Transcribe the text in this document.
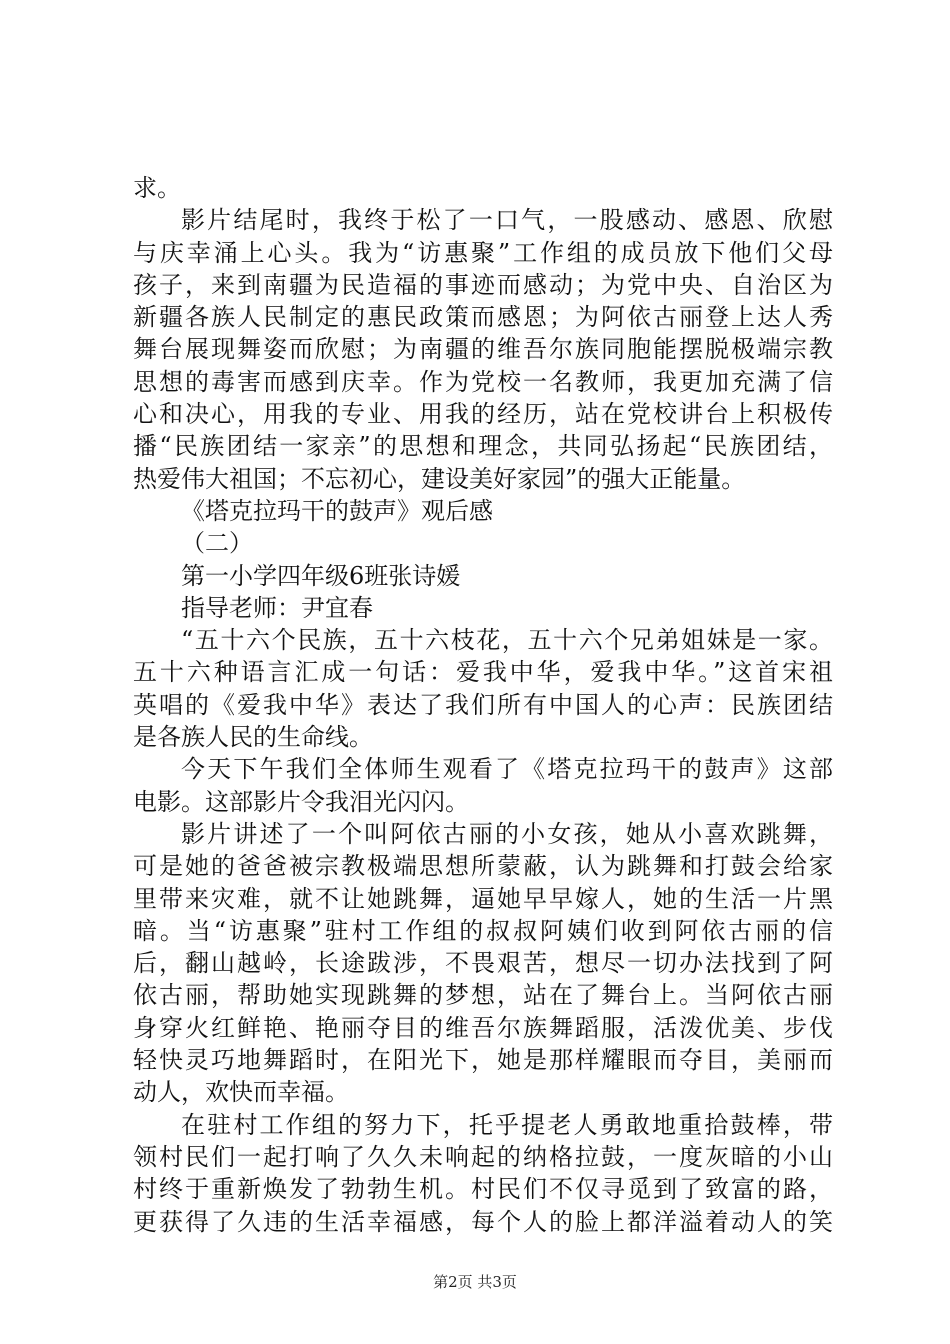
求。
影片结尾时，我终于松了一口气，一股感动、感恩、欣慰
与庆幸涌上心头。我为“访惠聚”工作组的成员放下他们父母
孩子，来到南疆为民造福的事迹而感动；为党中央、自治区为
新疆各族人民制定的惠民政策而感恩；为阿依古丽登上达人秀
舞台展现舞姿而欣慰；为南疆的维吾尔族同胞能摆脱极端宗教
思想的毒害而感到庆幸。作为党校一名教师，我更加充满了信
心和决心，用我的专业、用我的经历，站在党校讲台上积极传
播“民族团结一家亲”的思想和理念，共同弘扬起“民族团结，
热爱伟大祖国；不忘初心，建设美好家园”的强大正能量。
《塔克拉玛干的鼓声》观后感
（二）
第一小学四年级6班张诗媛
指导老师：尹宜春
“五十六个民族，五十六枝花，五十六个兄弟姐妹是一家。
五十六种语言汇成一句话：爱我中华，爱我中华。”这首宋祖
英唱的《爱我中华》表达了我们所有中国人的心声：民族团结
是各族人民的生命线。
今天下午我们全体师生观看了《塔克拉玛干的鼓声》这部
电影。这部影片令我泪光闪闪。
影片讲述了一个叫阿依古丽的小女孩，她从小喜欢跳舞，
可是她的爸爸被宗教极端思想所蒙蔽，认为跳舞和打鼓会给家
里带来灾难，就不让她跳舞，逼她早早嫁人，她的生活一片黑
暗。当“访惠聚”驻村工作组的叔叔阿姨们收到阿依古丽的信
后，翻山越岭，长途跋涉，不畏艰苦，想尽一切办法找到了阿
依古丽，帮助她实现跳舞的梦想，站在了舞台上。当阿依古丽
身穿火红鲜艳、艳丽夺目的维吾尔族舞蹈服，活泼优美、步伐
轻快灵巧地舞蹈时，在阳光下，她是那样耀眼而夺目，美丽而
动人，欢快而幸福。
在驻村工作组的努力下，托乎提老人勇敢地重拾鼓棒，带
领村民们一起打响了久久未响起的纳格拉鼓，一度灰暗的小山
村终于重新焕发了勃勃生机。村民们不仅寻觅到了致富的路，
更获得了久违的生活幸福感，每个人的脸上都洋溢着动人的笑
第2页 共3页
